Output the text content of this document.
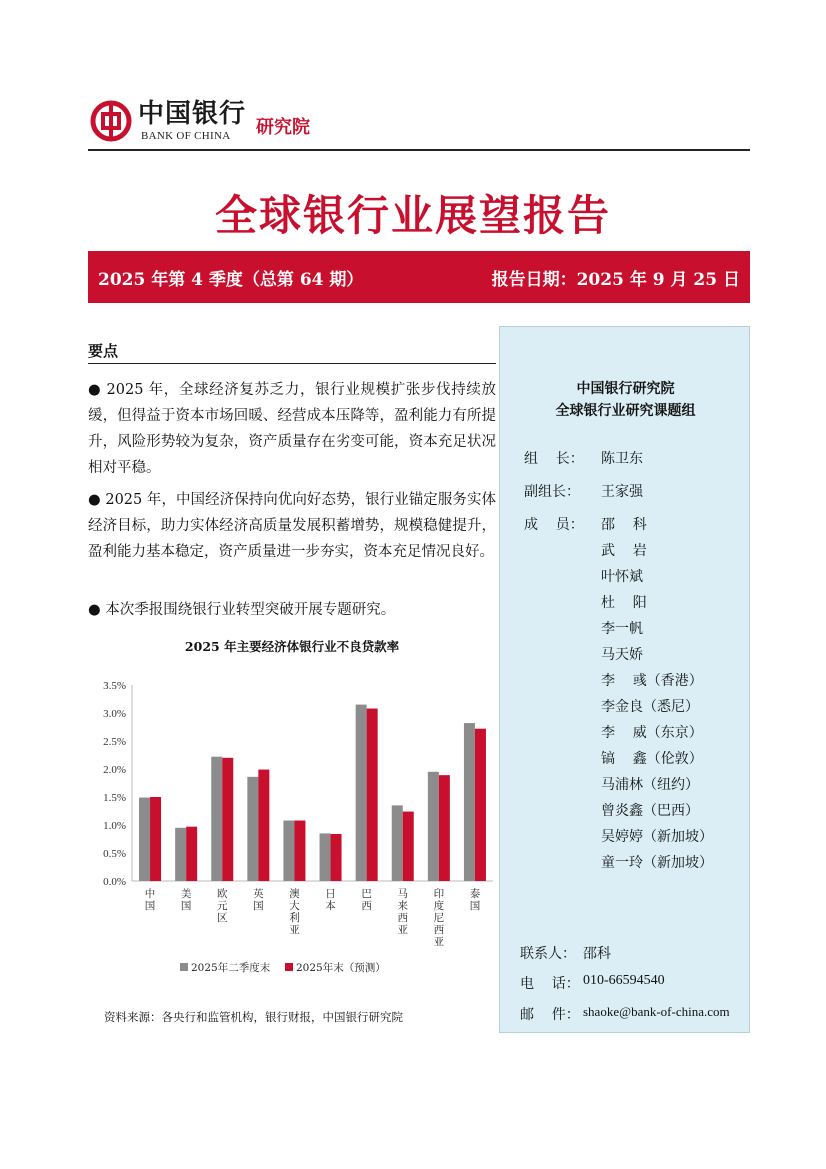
中国银行
BANK OF CHINA 研究院
全球银行业展望报告
2025 年第 4 季度（总第 64 期）	报告日期：2025 年 9 月 25 日
要点
● 2025 年，全球经济复苏乏力，银行业规模扩张步伐持续放缓，但得益于资本市场回暖、经营成本压降等，盈利能力有所提升，风险形势较为复杂，资产质量存在劣变可能，资本充足状况相对平稳。
● 2025 年，中国经济保持向优向好态势，银行业锚定服务实体经济目标，助力实体经济高质量发展积蓄增势，规模稳健提升，盈利能力基本稳定，资产质量进一步夯实，资本充足情况良好。
● 本次季报围绕银行业转型突破开展专题研究。
2025 年主要经济体银行业不良贷款率
3.5%
3.0%
2.5%
2.0%
1.5%
1.0%
0.5%
0.0%
中国
美国
欧元区
英国
澳大利亚
日本
巴西
马来西亚
印度尼西亚
泰国
2025年二季度末 2025年末（预测）
资料来源：各央行和监管机构，银行财报，中国银行研究院
中国银行研究院
全球银行业研究课题组
组    长： 陈卫东
副组长：	王家强
成    员： 邵    科
武    岩
叶怀斌
杜    阳
李一帆
马天娇
李    彧（香港）
李金良（悉尼）
李    威（东京）
镐    鑫（伦敦）
马浦林（纽约）
曾炎鑫（巴西）
吴婷婷（新加坡）
童一玲（新加坡）
联系人： 邵科
电    话： 010-66594540
邮    件： shaoke@bank-of-china.com
